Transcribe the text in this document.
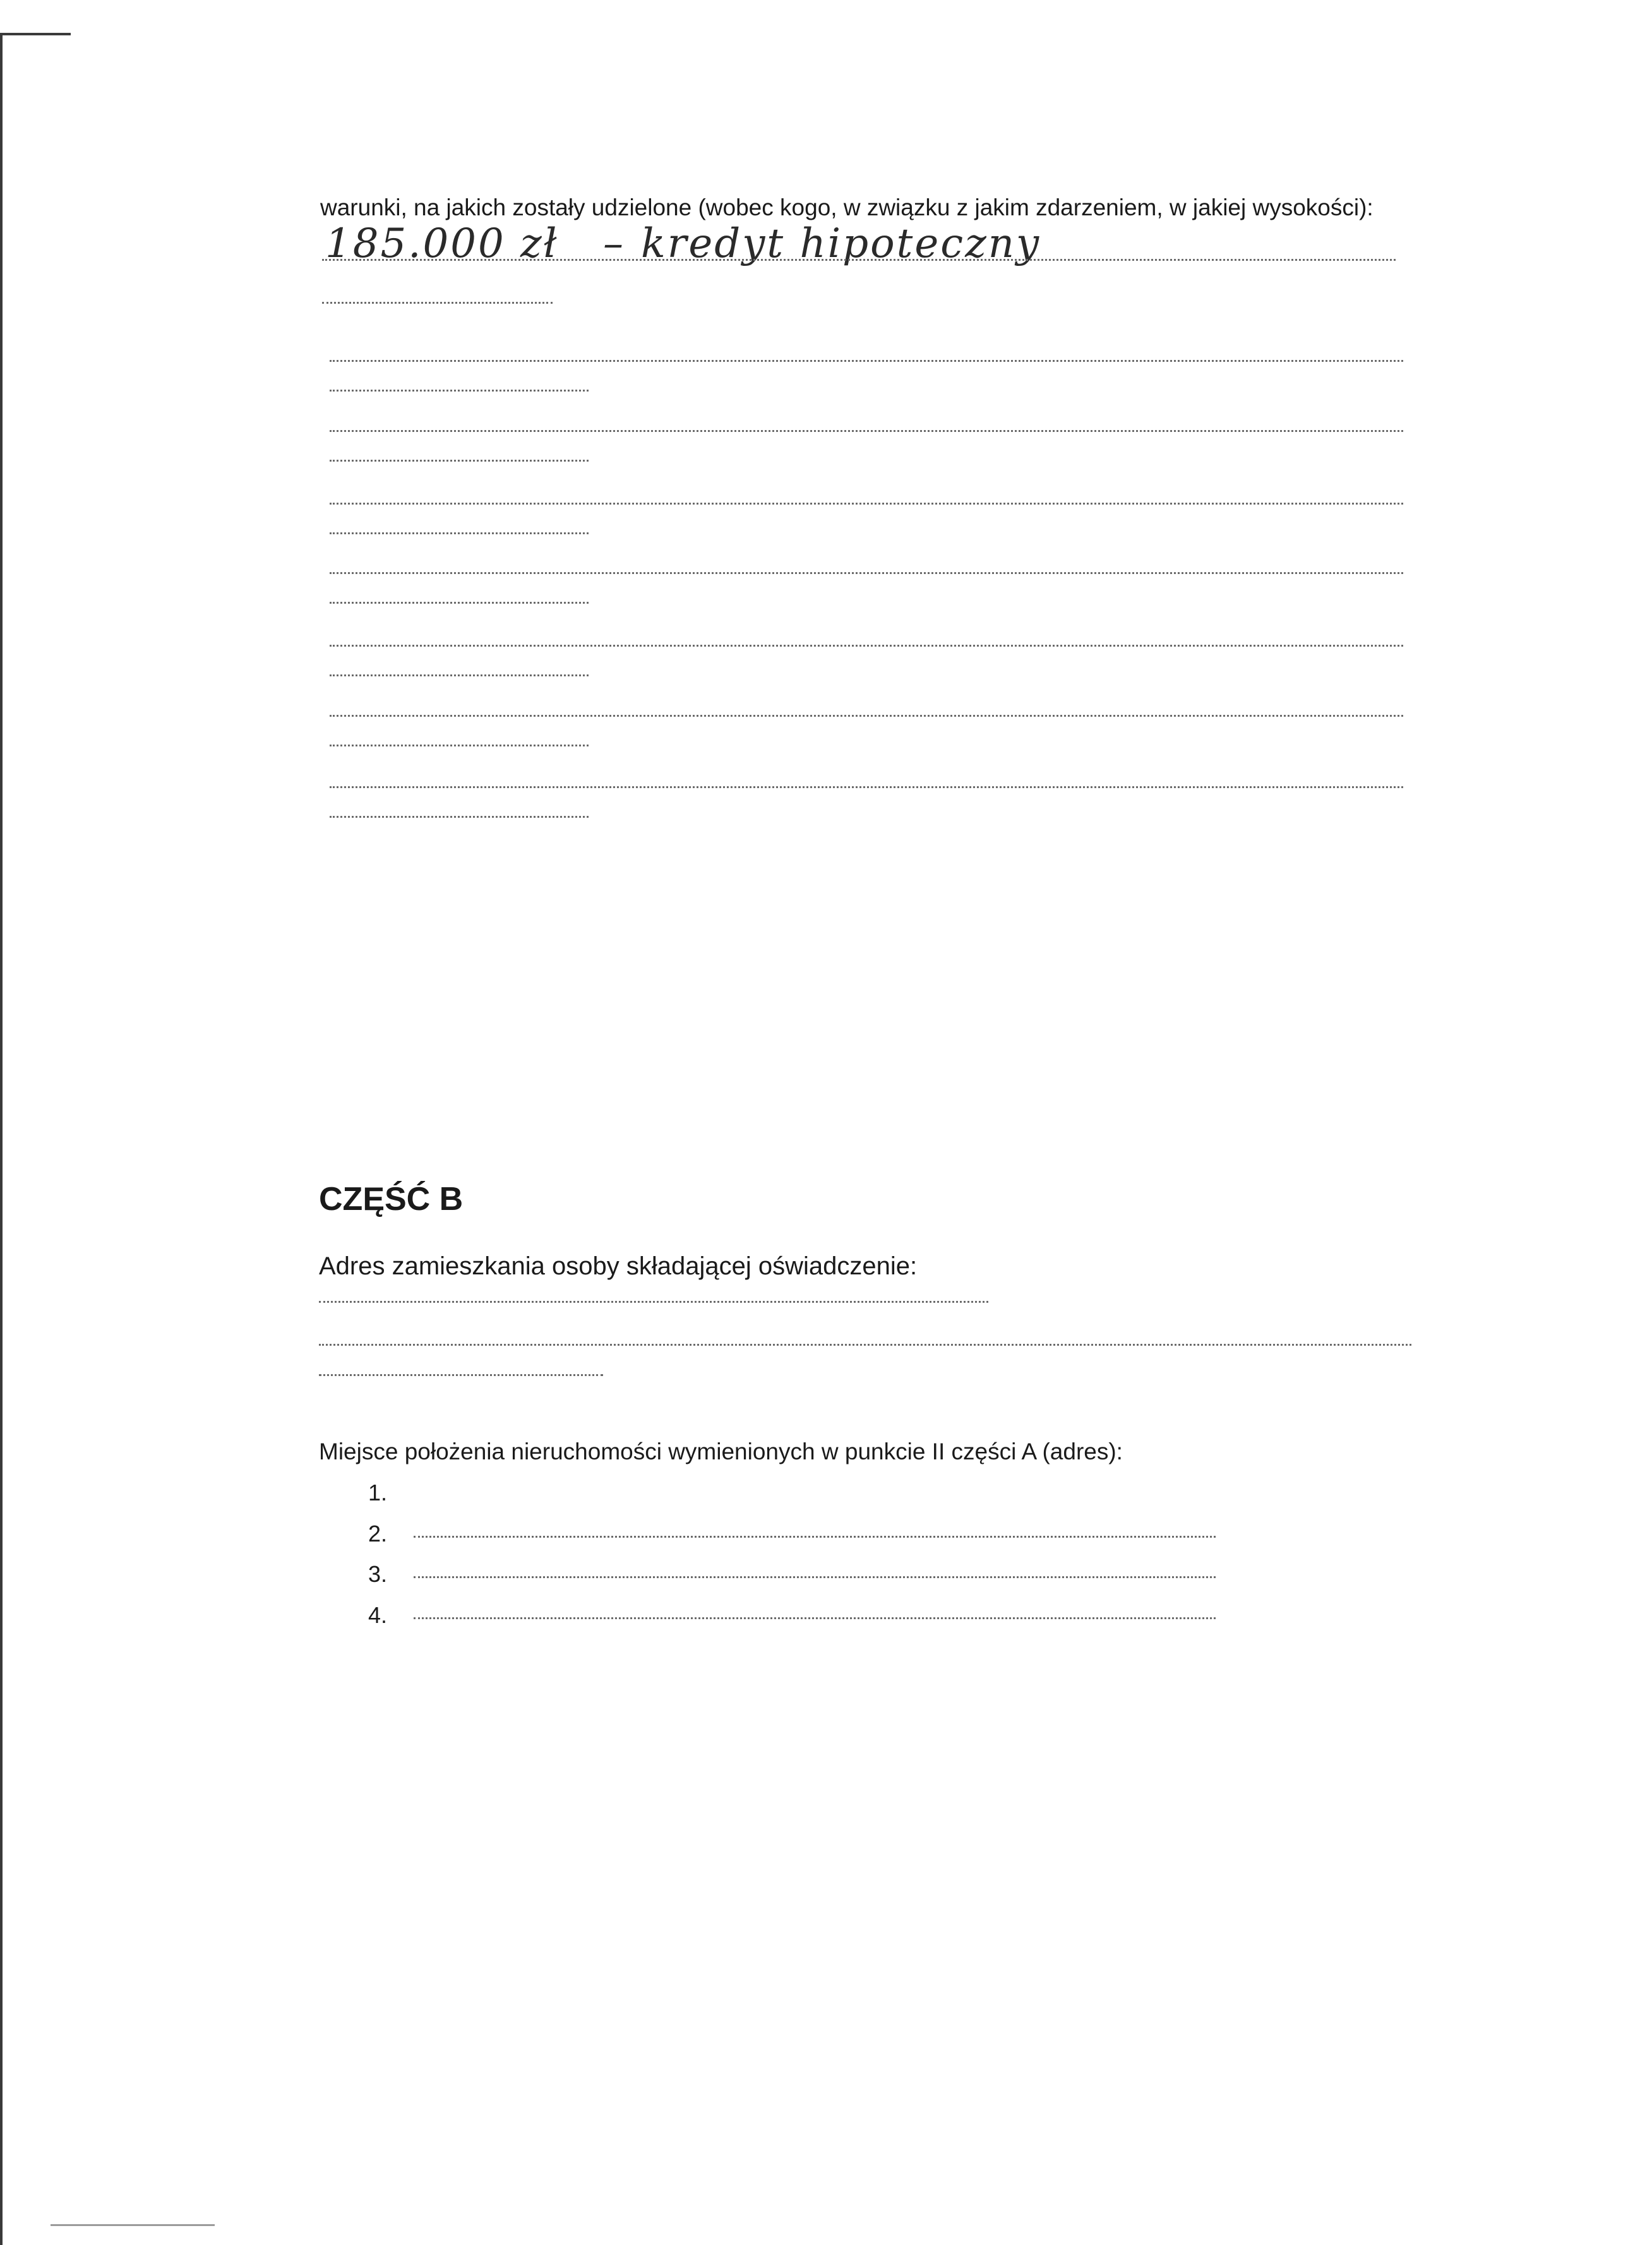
warunki, na jakich zostały udzielone (wobec kogo, w związku z jakim zdarzeniem, w jakiej wysokości):
185.000 zł – kredyt hipoteczny
CZĘŚĆ B
Adres zamieszkania osoby składającej oświadczenie:
Miejsce położenia nieruchomości wymienionych w punkcie II części A (adres):
1.
2.
3.
4.
